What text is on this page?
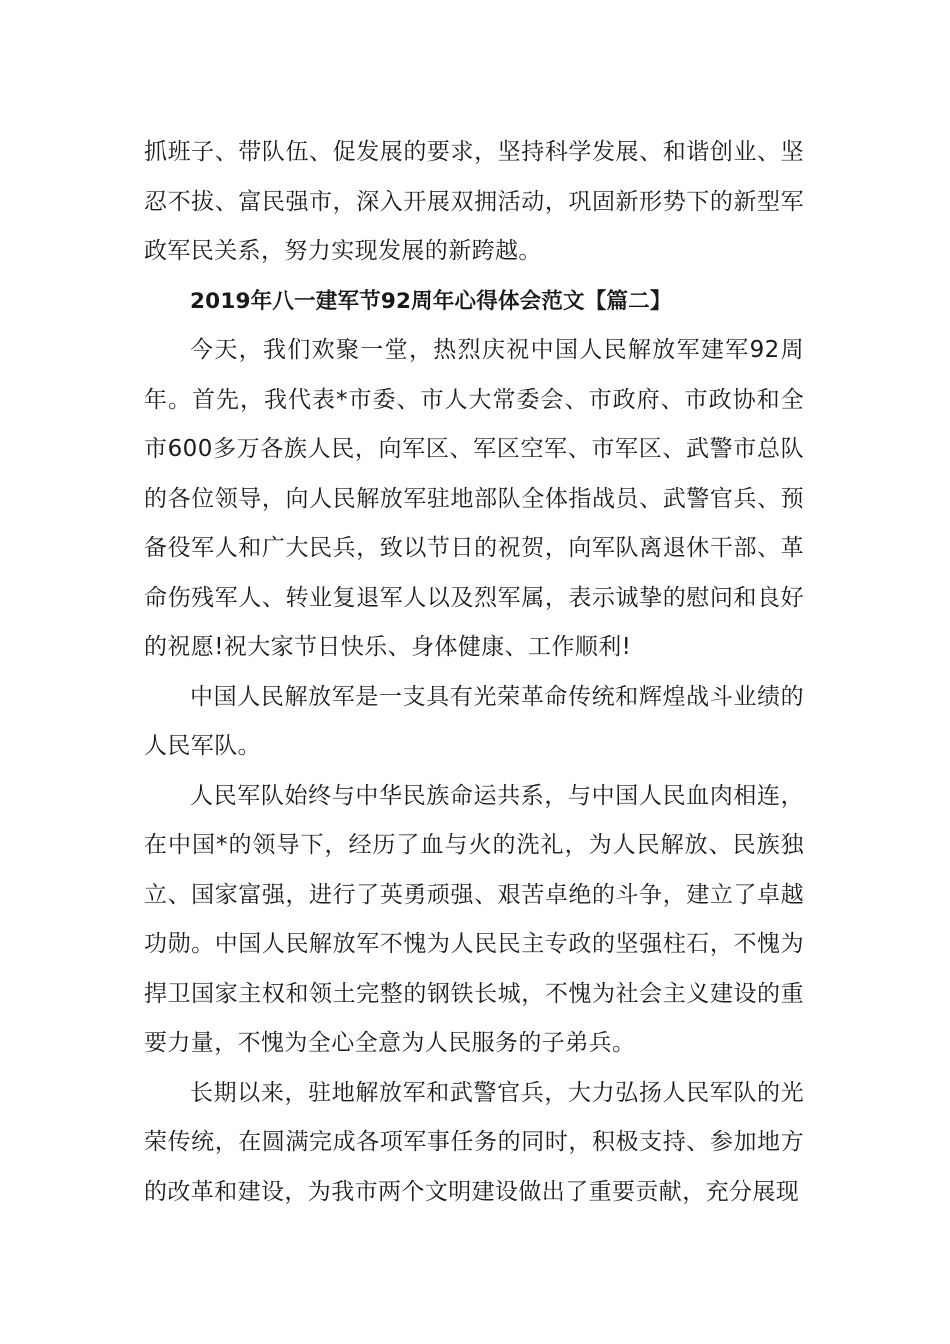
抓班子、带队伍、促发展的要求，坚持科学发展、和谐创业、坚忍不拔、富民强市，深入开展双拥活动，巩固新形势下的新型军政军民关系，努力实现发展的新跨越。

2019年八一建军节92周年心得体会范文【篇二】

今天，我们欢聚一堂，热烈庆祝中国人民解放军建军92周年。首先，我代表*市委、市人大常委会、市政府、市政协和全市600多万各族人民，向军区、军区空军、市军区、武警市总队的各位领导，向人民解放军驻地部队全体指战员、武警官兵、预备役军人和广大民兵，致以节日的祝贺，向军队离退休干部、革命伤残军人、转业复退军人以及烈军属，表示诚挚的慰问和良好的祝愿!祝大家节日快乐、身体健康、工作顺利!

中国人民解放军是一支具有光荣革命传统和辉煌战斗业绩的人民军队。

人民军队始终与中华民族命运共系，与中国人民血肉相连，在中国*的领导下，经历了血与火的洗礼，为人民解放、民族独立、国家富强，进行了英勇顽强、艰苦卓绝的斗争，建立了卓越功勋。中国人民解放军不愧为人民民主专政的坚强柱石，不愧为捍卫国家主权和领土完整的钢铁长城，不愧为社会主义建设的重要力量，不愧为全心全意为人民服务的子弟兵。

长期以来，驻地解放军和武警官兵，大力弘扬人民军队的光荣传统，在圆满完成各项军事任务的同时，积极支持、参加地方的改革和建设，为我市两个文明建设做出了重要贡献，充分展现
